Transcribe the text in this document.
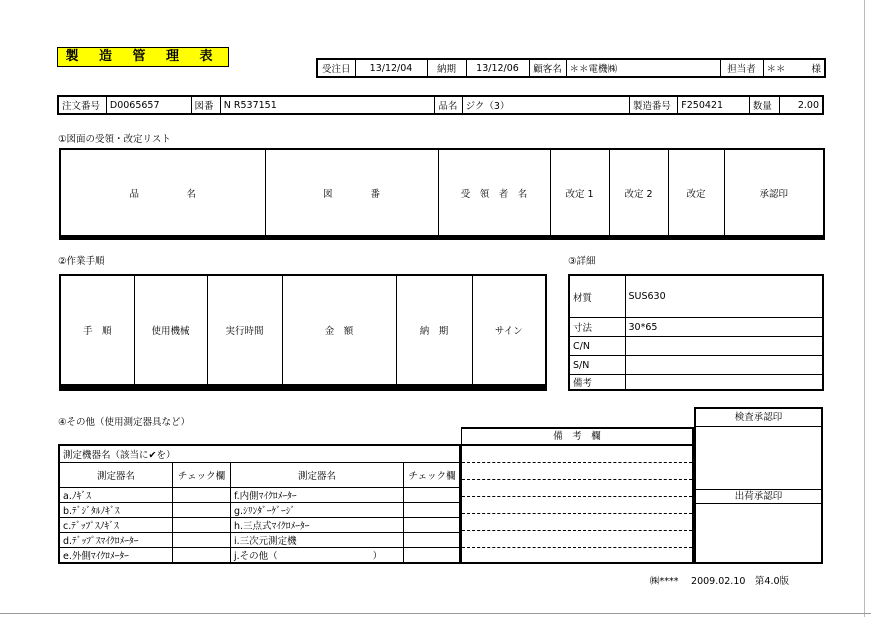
製 造 管 理 表
受注日	13/12/04	納期	13/12/06	顧客名	＊＊電機㈱	担当者	＊＊	様
注文番号	D0065657	図番	N R537151	品名	ジク（3）	製造番号	F250421	数量	2.00
①図面の受領・改定リスト
品　　　　　名	図　　　　番	受　領　者　名	改定 1	改定 2	改定	承認印

②作業手順
手　順	使用機械	実行時間	金　額	納　期	サイン

③詳細
材質	SUS630
寸法	30*65
C/N	
S/N	
備考	
④その他（使用測定器具など）
測定機器名（該当に✔を）
測定器名	チェック欄	測定器名	チェック欄
a.ﾉｷﾞｽ		f.内側ﾏｲｸﾛﾒｰﾀｰ	
b.ﾃﾞｼﾞﾀﾙﾉｷﾞｽ		g.ｼﾘﾝﾀﾞｰｹﾞｰｼﾞ	
c.ﾃﾞｯﾌﾟｽﾉｷﾞｽ		h.三点式ﾏｲｸﾛﾒｰﾀｰ	
d.ﾃﾞｯﾌﾟｽﾏｲｸﾛﾒｰﾀｰ		i.三次元測定機	
e.外側ﾏｲｸﾛﾒｰﾀｰ		j.その他（　　　　　　　　　　）	
備　考　欄
検査承認印
出荷承認印
㈱****　 2009.02.10　第4.0版
